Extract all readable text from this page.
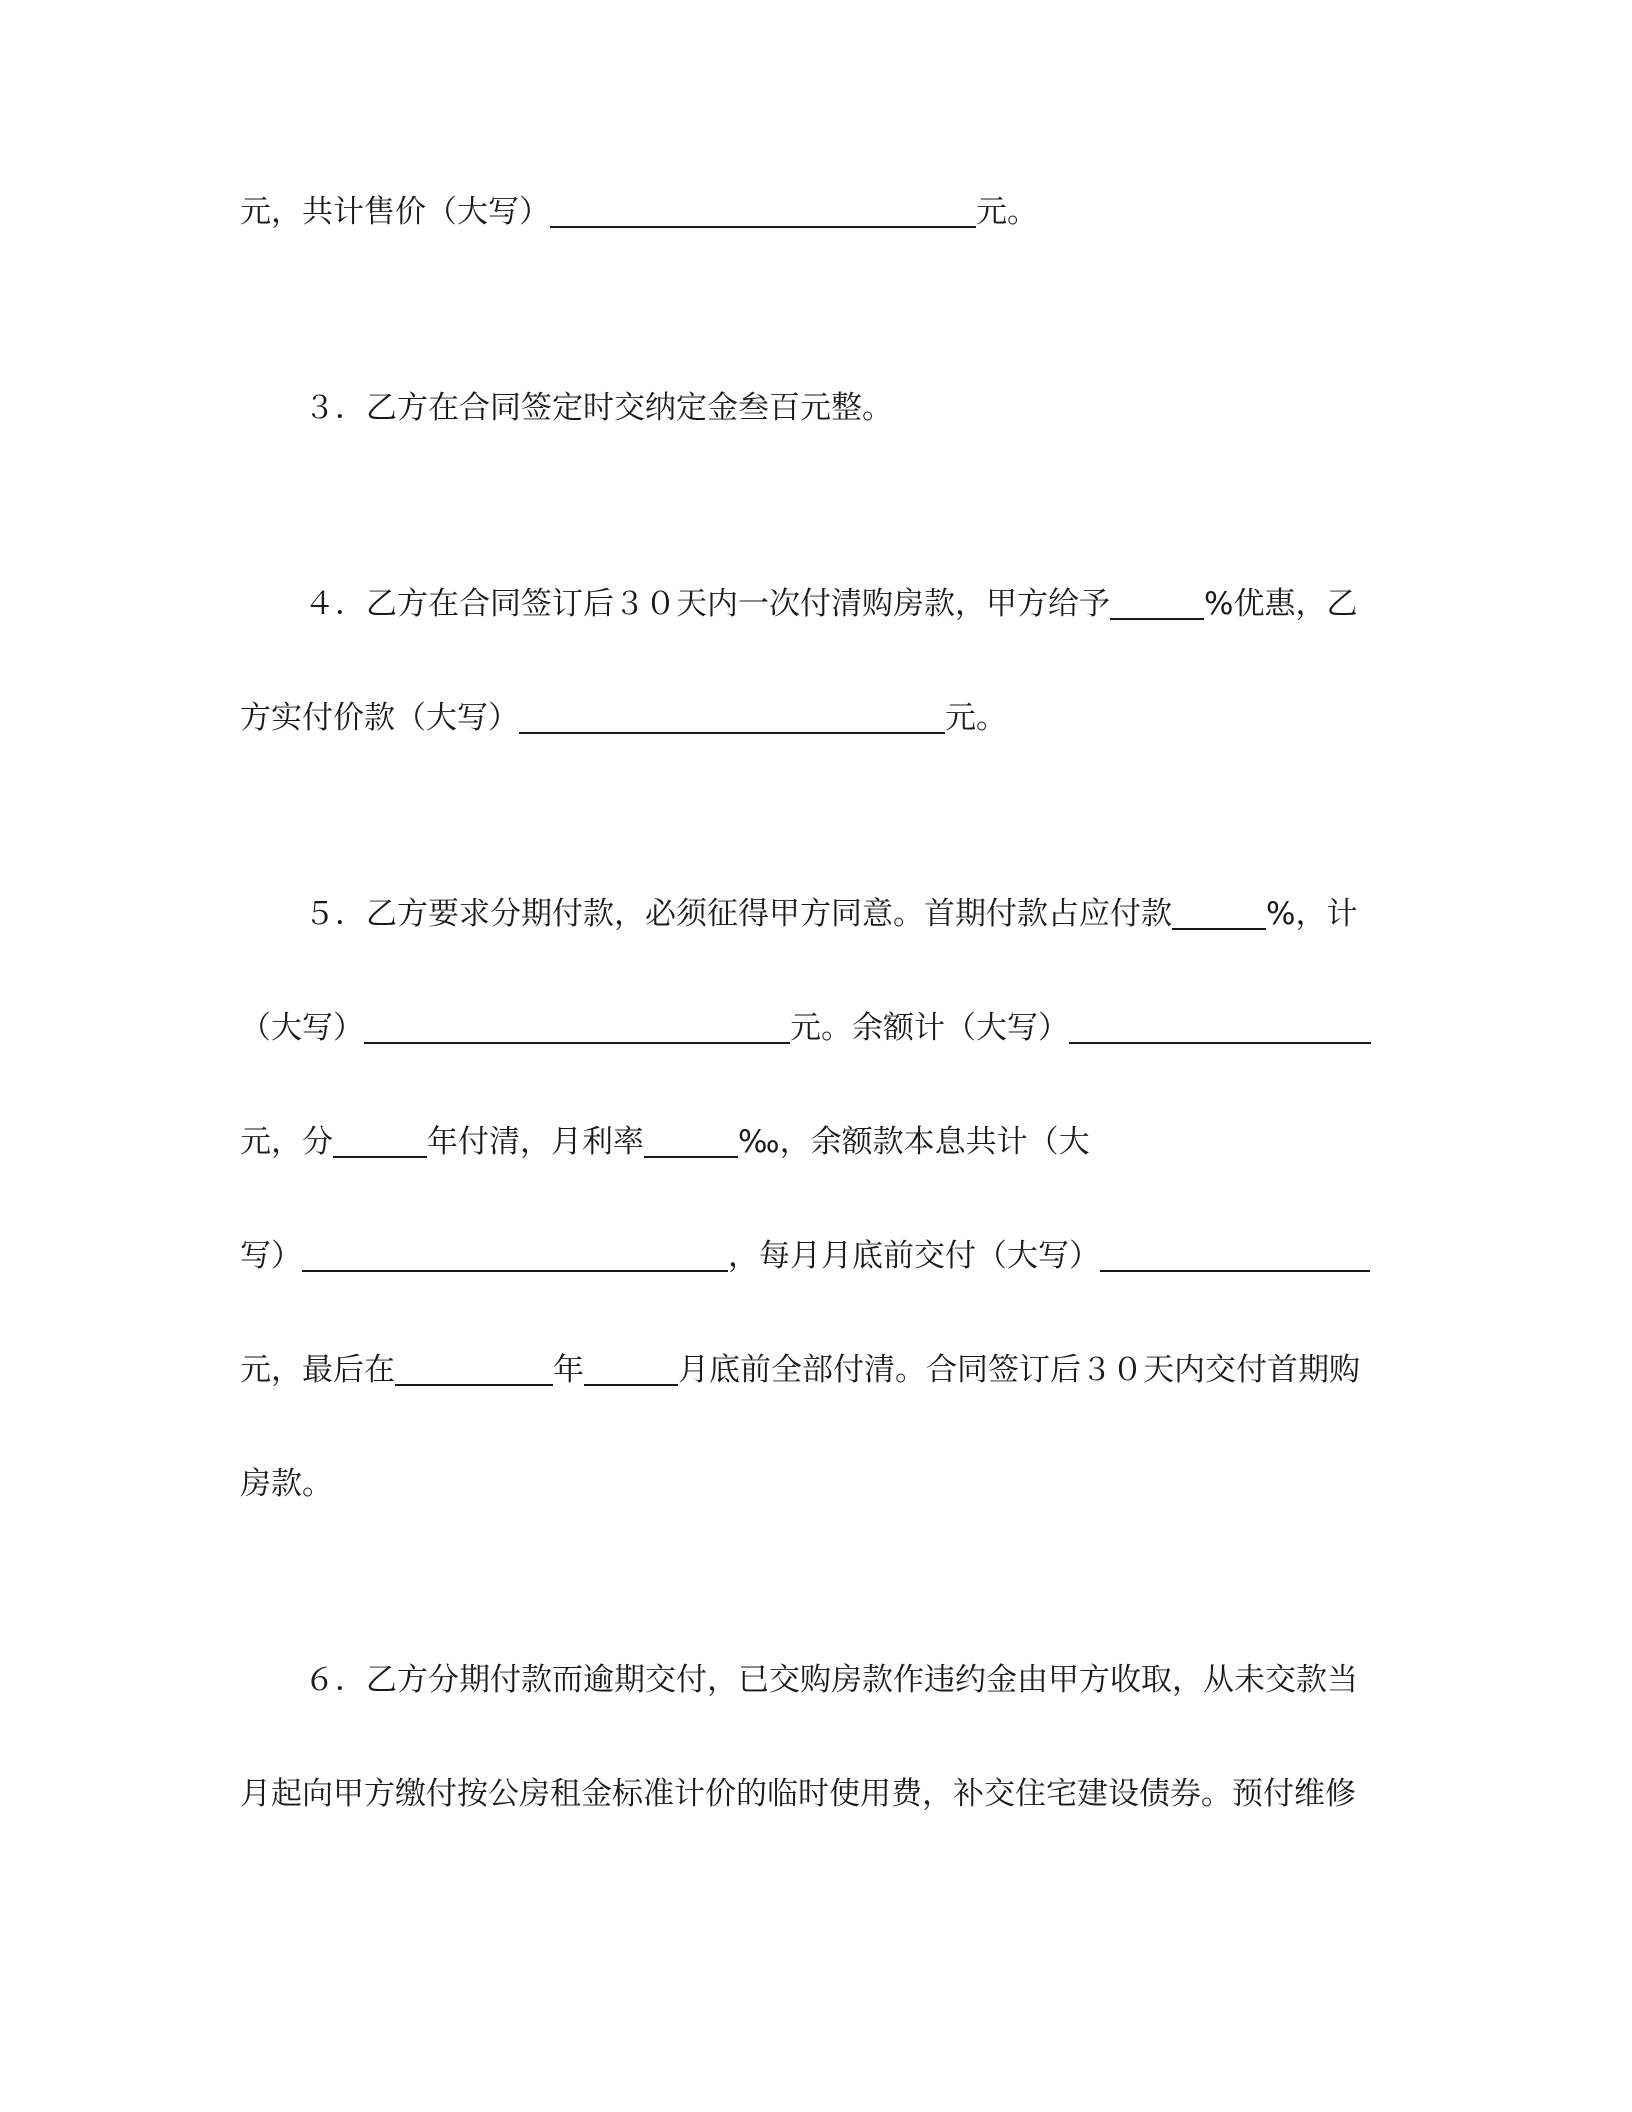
元，共计售价（大写）	元。
３．乙方在合同签定时交纳定金叁百元整。
４．乙方在合同签订后３０天内一次付清购房款，甲方给予	%优惠，乙
方实付价款（大写）	元。
５．乙方要求分期付款，必须征得甲方同意。首期付款占应付款	%，计
（大写）	元。余额计（大写）
元，分	年付清，月利率	‰，余额款本息共计（大
写）	，每月月底前交付（大写）
元，最后在	年	月底前全部付清。合同签订后３０天内交付首期购
房款。
６．乙方分期付款而逾期交付，已交购房款作违约金由甲方收取，从未交款当
月起向甲方缴付按公房租金标准计价的临时使用费，补交住宅建设债券。预付维修
